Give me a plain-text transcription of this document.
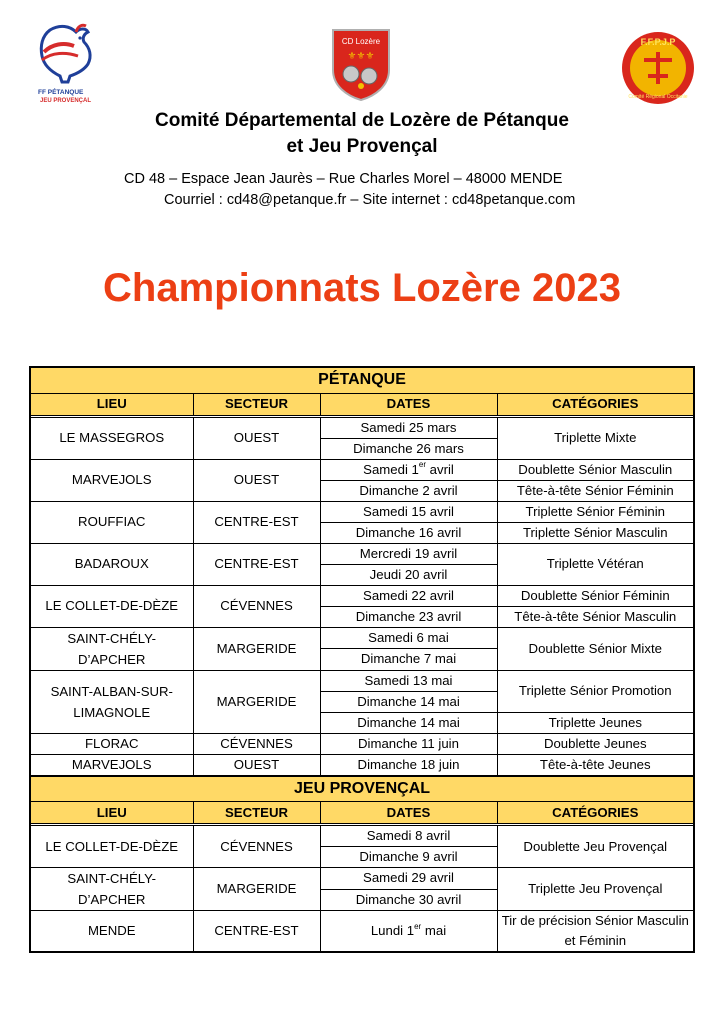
FF PÉTANQUE
JEU PROVENÇAL
CD Lozère
⚜⚜⚜
F.F.P.J.P
Comité Régional Occitanie
Comité Départemental de Lozère de Pétanque
et Jeu Provençal
CD 48 – Espace Jean Jaurès – Rue Charles Morel – 48000 MENDE
Courriel : cd48@petanque.fr – Site internet : cd48petanque.com
Championnats Lozère 2023
PÉTANQUE			
LIEU	SECTEUR	DATES	CATÉGORIES

LE MASSEGROS	OUEST	Samedi 25 mars	Triplette Mixte
		Dimanche 26 mars	
MARVEJOLS	OUEST	Samedi 1er avril	Doublette Sénior Masculin
		Dimanche 2 avril	Tête-à-tête Sénior Féminin
ROUFFIAC	CENTRE-EST	Samedi 15 avril	Triplette Sénior Féminin
		Dimanche 16 avril	Triplette Sénior Masculin
BADAROUX	CENTRE-EST	Mercredi 19 avril	Triplette Vétéran
		Jeudi 20 avril	
LE COLLET-DE-DÈZE	CÉVENNES	Samedi 22 avril	Doublette Sénior Féminin
		Dimanche 23 avril	Tête-à-tête Sénior Masculin
SAINT-CHÉLY-D’APCHER	MARGERIDE	Samedi 6 mai	Doublette Sénior Mixte
		Dimanche 7 mai	
SAINT-ALBAN-SUR-LIMAGNOLE	MARGERIDE	Samedi 13 mai	Triplette Sénior Promotion
		Dimanche 14 mai	
		Dimanche 14 mai	Triplette Jeunes
FLORAC	CÉVENNES	Dimanche 11 juin	Doublette Jeunes
MARVEJOLS	OUEST	Dimanche 18 juin	Tête-à-tête Jeunes
JEU PROVENÇAL			
LIEU	SECTEUR	DATES	CATÉGORIES

LE COLLET-DE-DÈZE	CÉVENNES	Samedi 8 avril	Doublette Jeu Provençal
		Dimanche 9 avril	
SAINT-CHÉLY-D’APCHER	MARGERIDE	Samedi 29 avril	Triplette Jeu Provençal
		Dimanche 30 avril	
MENDE	CENTRE-EST	Lundi 1er mai	Tir de précision Sénior Masculin et Féminin
